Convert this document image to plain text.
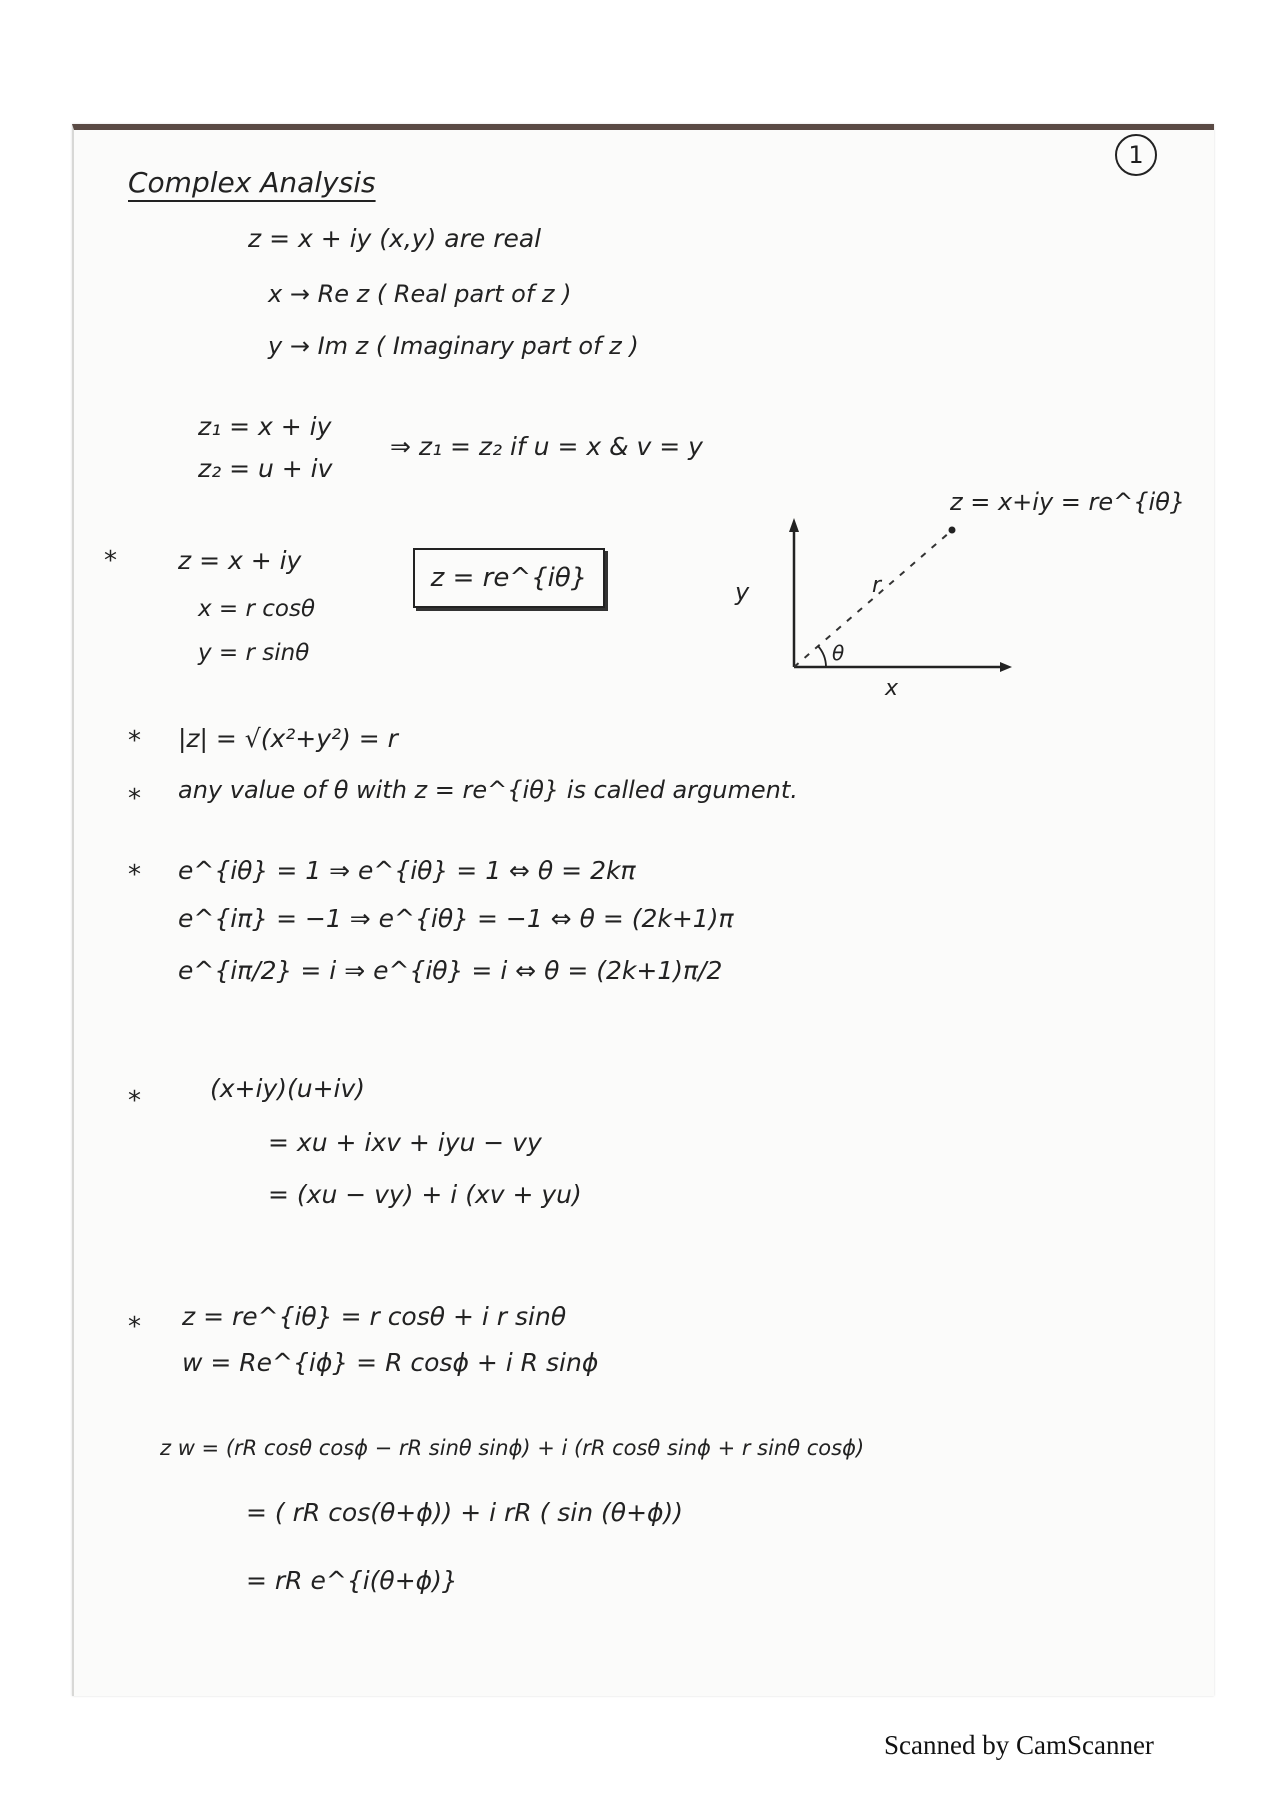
1
Complex Analysis
z = x + iy (x,y) are real
x → Re z ( Real part of z )
y → Im z ( Imaginary part of z )
z₁ = x + iy
z₂ = u + iv
⇒ z₁ = z₂ if u = x & v = y
z = x+iy = re^{iθ}
* z = x + iy
x = r cosθ
y = r sinθ
z = re^{iθ}	y
x
r
θ
* |z| = √(x²+y²) = r
* any value of θ with z = re^{iθ} is called argument.
* e^{iθ} = 1 ⇒ e^{iθ} = 1 ⇔ θ = 2kπ
e^{iπ} = −1 ⇒ e^{iθ} = −1 ⇔ θ = (2k+1)π
e^{iπ/2} = i ⇒ e^{iθ} = i ⇔ θ = (2k+1)π/2
*	(x+iy)(u+iv)
= xu + ixv + iyu − vy
= (xu − vy) + i (xv + yu)
* z = re^{iθ} = r cosθ + i r sinθ
w = Re^{iϕ} = R cosϕ + i R sinϕ
z w = (rR cosθ cosϕ − rR sinθ sinϕ) + i (rR cosθ sinϕ + r sinθ cosϕ)
= ( rR cos(θ+ϕ)) + i rR ( sin (θ+ϕ))
= rR e^{i(θ+ϕ)}
Scanned by CamScanner
